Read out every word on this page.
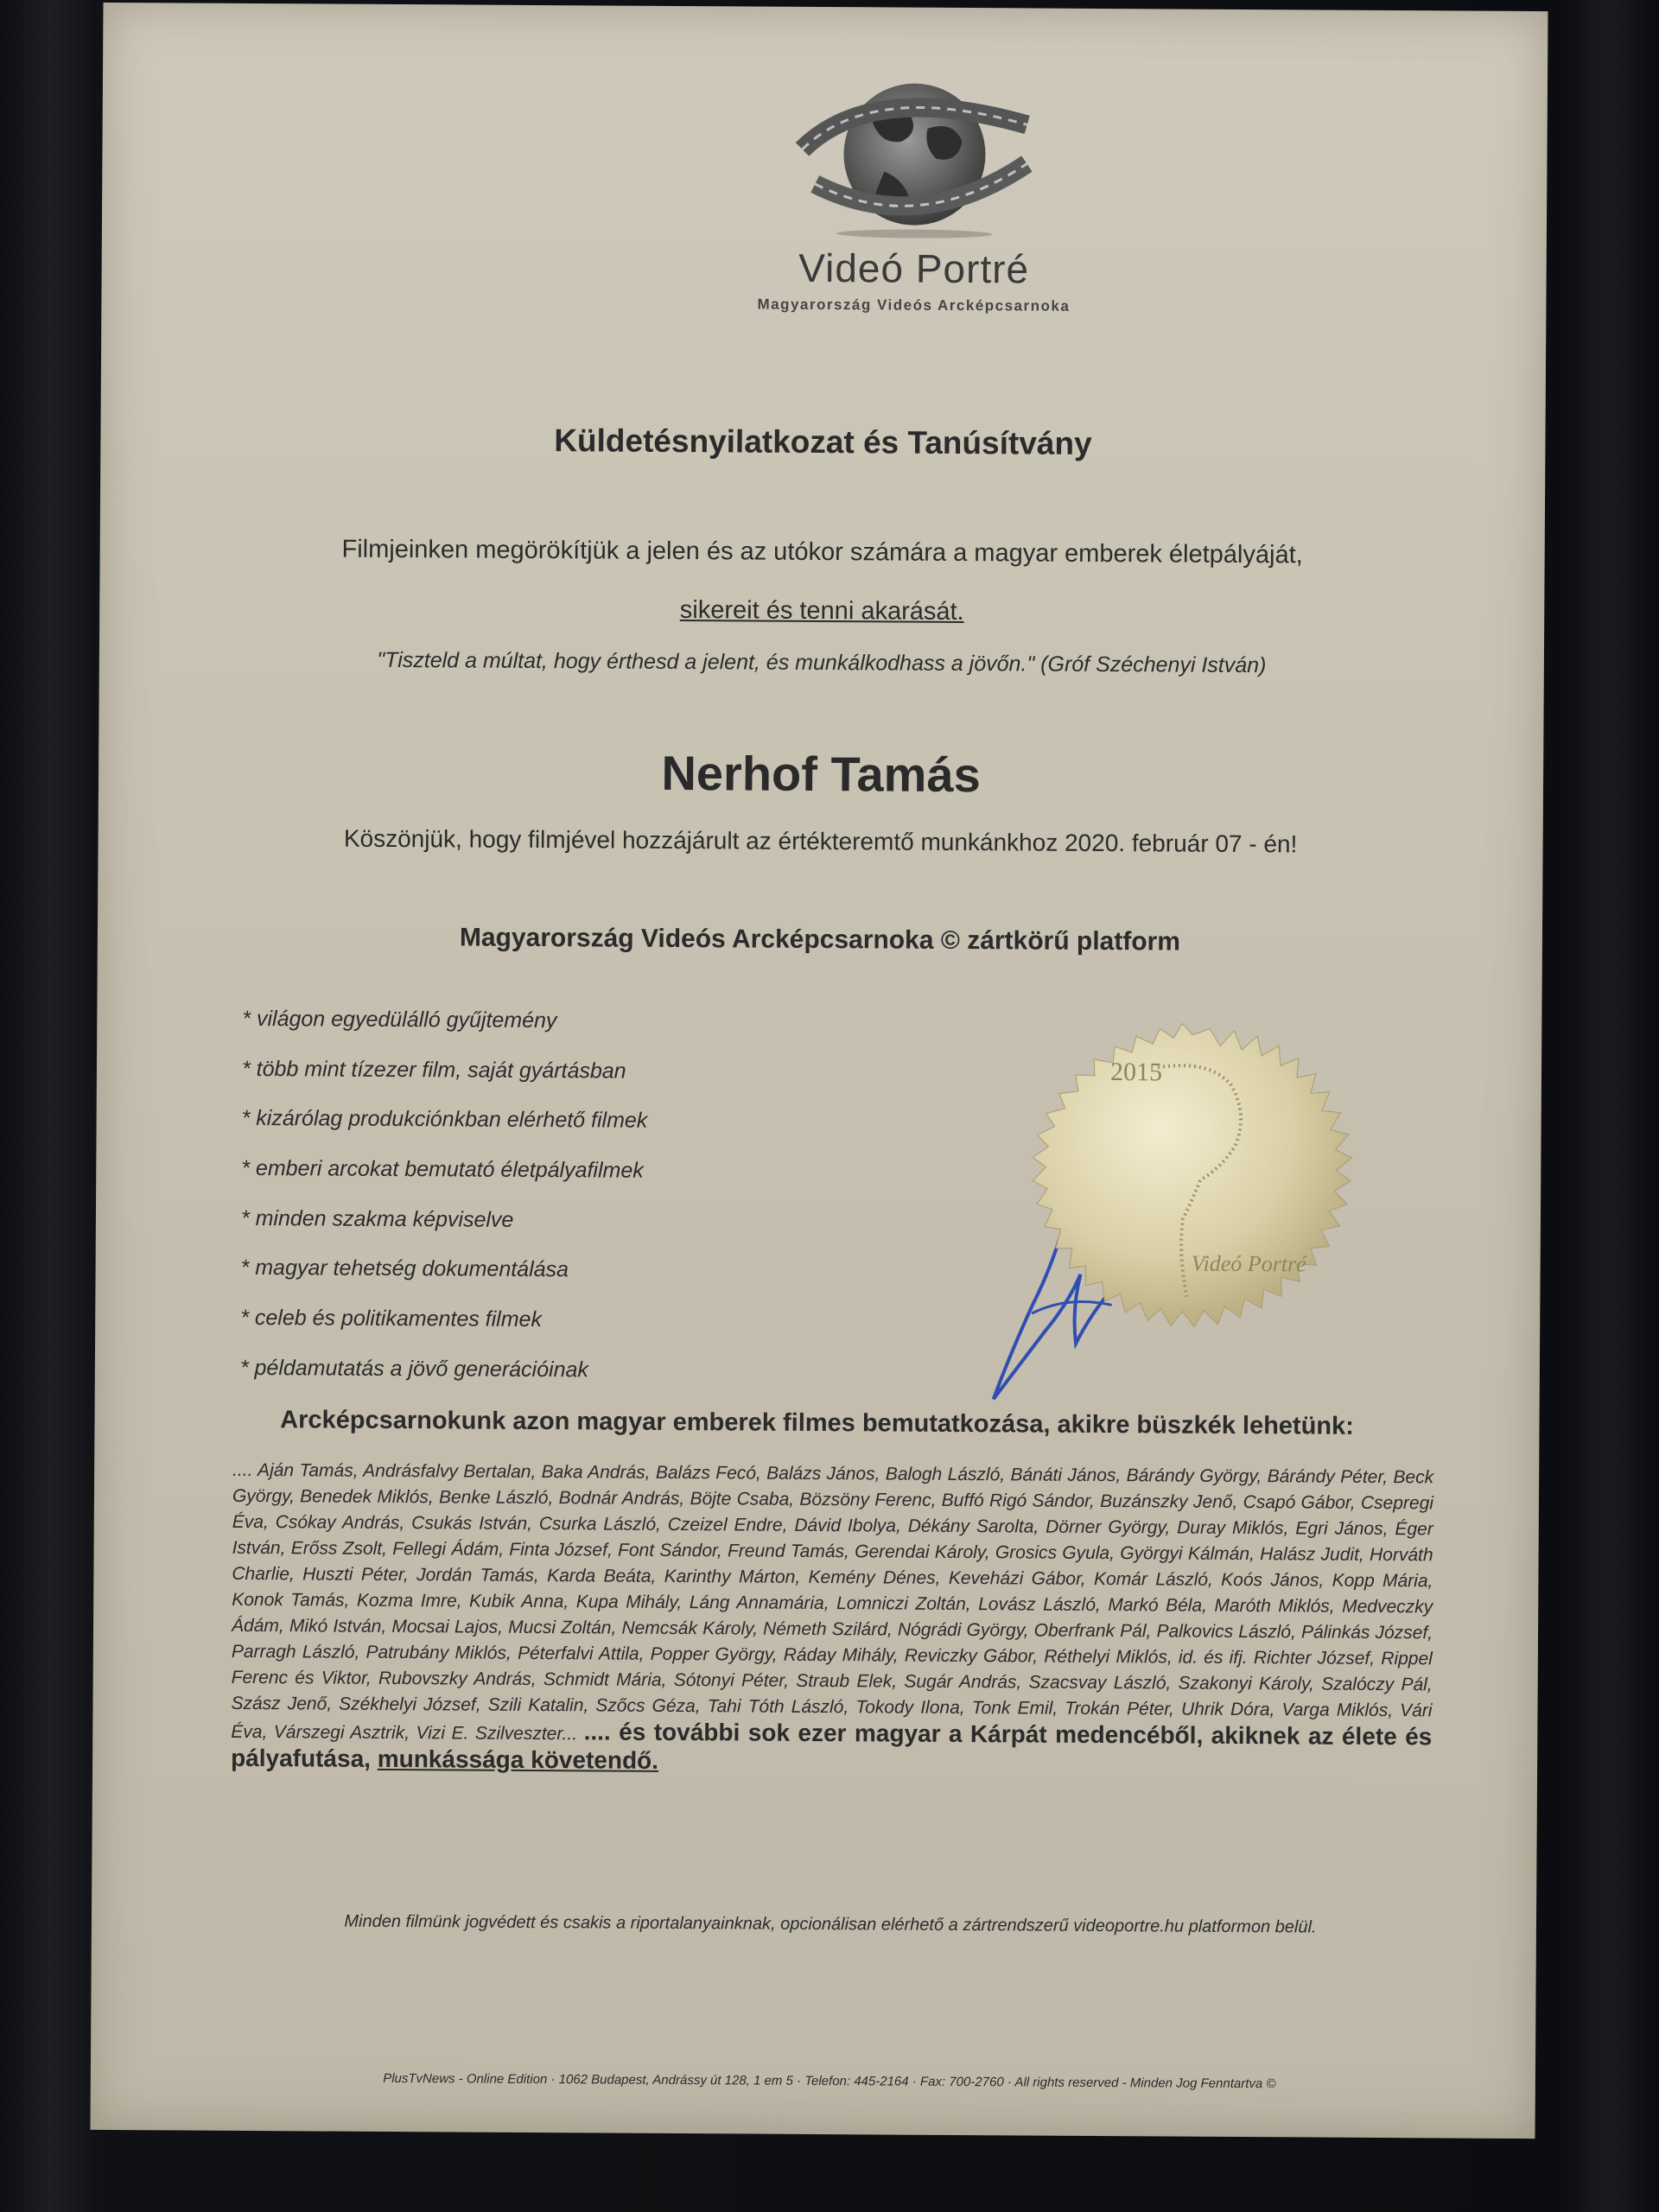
Videó Portré
Magyarország Videós Arcképcsarnoka
Küldetésnyilatkozat és Tanúsítvány
Filmjeinken megörökítjük a jelen és az utókor számára a magyar emberek életpályáját,
sikereit és tenni akarását.
"Tiszteld a múltat, hogy érthesd a jelent, és munkálkodhass a jövőn." (Gróf Széchenyi István)
Nerhof Tamás
Köszönjük, hogy filmjével hozzájárult az értékteremtő munkánkhoz 2020. február 07 - én!
Magyarország Videós Arcképcsarnoka © zártkörű platform
* világon egyedülálló gyűjtemény
* több mint tízezer film, saját gyártásban
* kizárólag produkciónkban elérhető filmek
* emberi arcokat bemutató életpályafilmek
* minden szakma képviselve
* magyar tehetség dokumentálása
* celeb és politikamentes filmek
* példamutatás a jövő generációinak
2015
Videó Portré
Arcképcsarnokunk azon magyar emberek filmes bemutatkozása, akikre büszkék lehetünk:
.... Aján Tamás, Andrásfalvy Bertalan, Baka András, Balázs Fecó, Balázs János, Balogh László, Bánáti János, Bárándy György, Bárándy Péter, Beck György, Benedek Miklós, Benke László, Bodnár András, Böjte Csaba, Bözsöny Ferenc, Buffó Rigó Sándor, Buzánszky Jenő, Csapó Gábor, Csepregi Éva, Csókay András, Csukás István, Csurka László, Czeizel Endre, Dávid Ibolya, Dékány Sarolta, Dörner György, Duray Miklós, Egri János, Éger István, Erőss Zsolt, Fellegi Ádám, Finta József, Font Sándor, Freund Tamás, Gerendai Károly, Grosics Gyula, Györgyi Kálmán, Halász Judit, Horváth Charlie, Huszti Péter, Jordán Tamás, Karda Beáta, Karinthy Márton, Kemény Dénes, Keveházi Gábor, Komár László, Koós János, Kopp Mária, Konok Tamás, Kozma Imre, Kubik Anna, Kupa Mihály, Láng Annamária, Lomniczi Zoltán, Lovász László, Markó Béla, Maróth Miklós, Medveczky Ádám, Mikó István, Mocsai Lajos, Mucsi Zoltán, Nemcsák Károly, Németh Szilárd, Nógrádi György, Oberfrank Pál, Palkovics László, Pálinkás József, Parragh László, Patrubány Miklós, Péterfalvi Attila, Popper György, Ráday Mihály, Reviczky Gábor, Réthelyi Miklós, id. és ifj. Richter József, Rippel Ferenc és Viktor, Rubovszky András, Schmidt Mária, Sótonyi Péter, Straub Elek, Sugár András, Szacsvay László, Szakonyi Károly, Szalóczy Pál, Szász Jenő, Székhelyi József, Szili Katalin, Szőcs Géza, Tahi Tóth László, Tokody Ilona, Tonk Emil, Trokán Péter, Uhrik Dóra, Varga Miklós, Vári Éva, Várszegi Asztrik, Vizi E. Szilveszter... .... és további sok ezer magyar a Kárpát medencéből, akiknek az élete és pályafutása, munkássága követendő.
Minden filmünk jogvédett és csakis a riportalanyainknak, opcionálisan elérhető a zártrendszerű videoportre.hu platformon belül.
PlusTvNews - Online Edition · 1062 Budapest, Andrássy út 128, 1 em 5 · Telefon: 445-2164 · Fax: 700-2760 · All rights reserved - Minden Jog Fenntartva ©
